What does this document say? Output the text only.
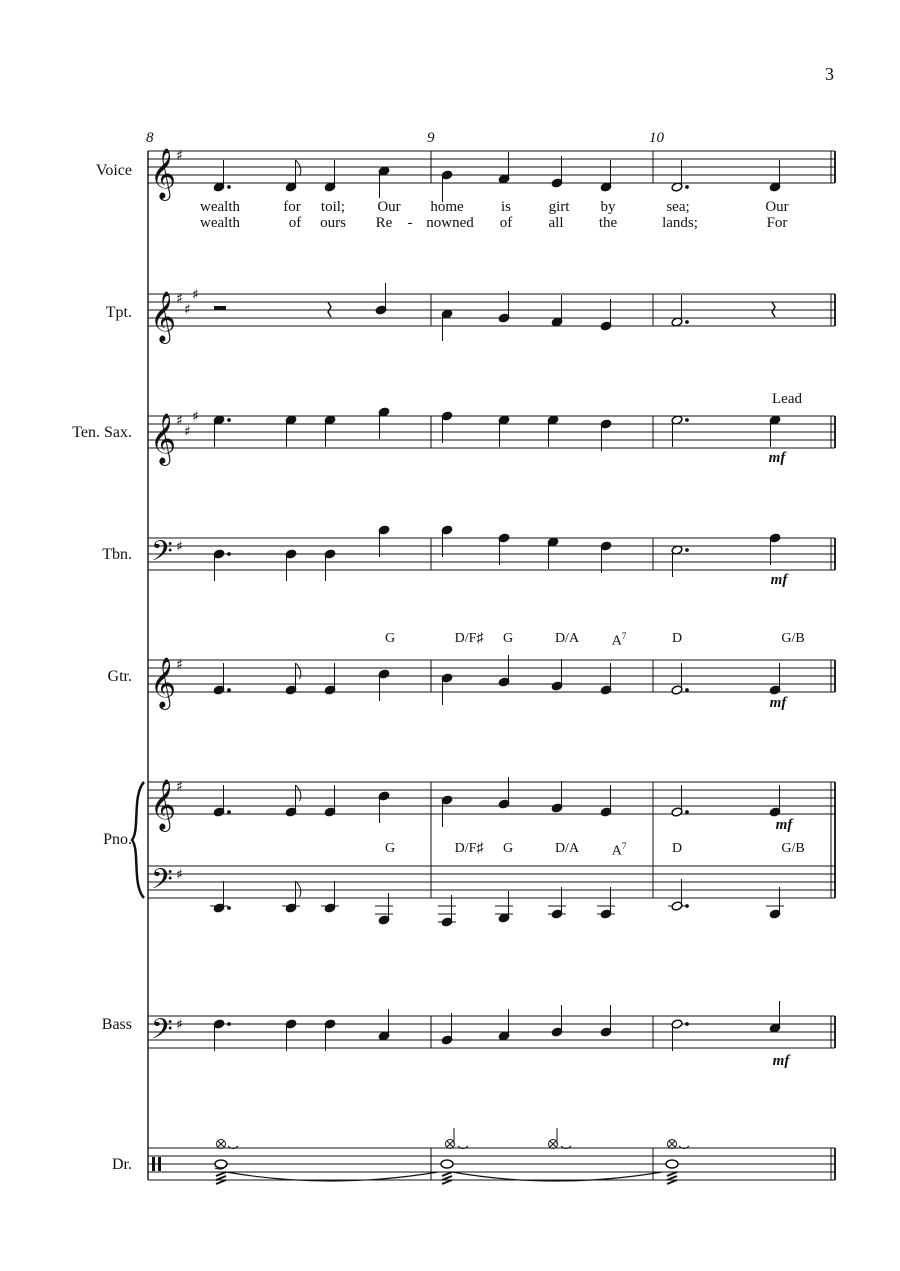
3
8	9	10
Voice
Tpt.
Ten. Sax.
Tbn.
Gtr.
Pno.
Bass
Dr.
wealth	for toil; Our home is	girt by	sea;	Our
wealth	of ours Re - nowned of all the	lands;	For
G	D/F♯ G	D/A $A^7$	D	G/B
G	D/F♯ G	D/A $A^7$	D	G/B
Lead
mf
mf
mf
mf
mf
𝄞
𝄞
𝄞
𝄞
𝄞
𝄢
𝄢
𝄢
♯
♯
♯
♯
♯
♯
♯
♯
♯
♯
♯
♯
